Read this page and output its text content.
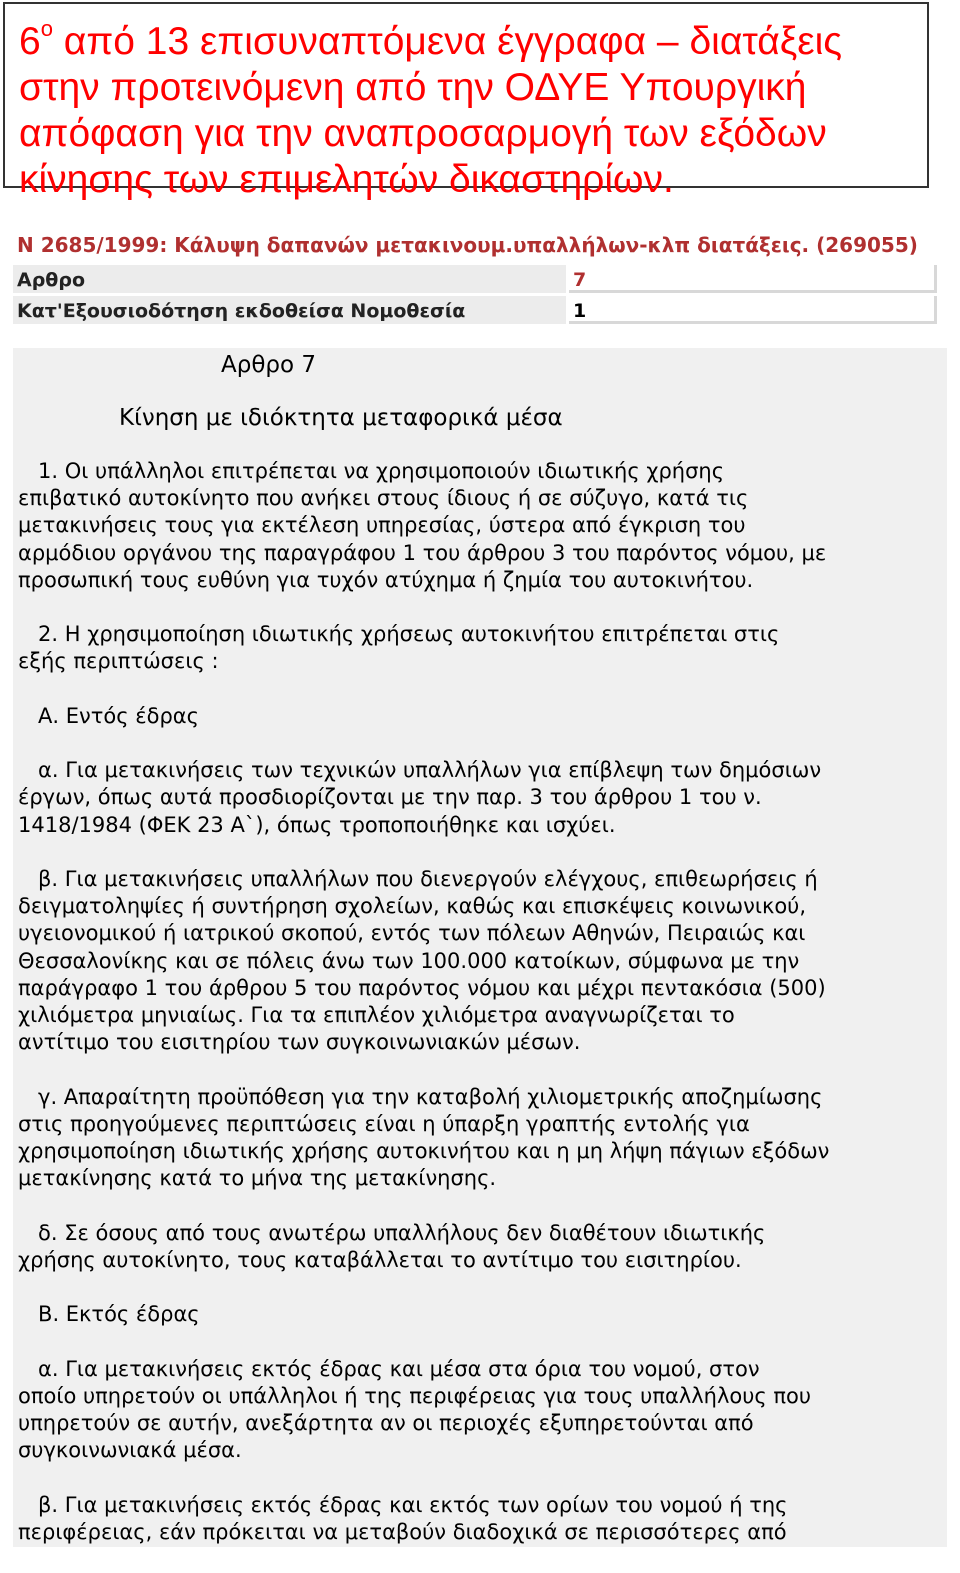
$6^o$ από 13 επισυναπτόμενα έγγραφα – διατάξεις στην προτεινόμενη από την ΟΔΥΕ Υπουργική απόφαση για την αναπροσαρμογή των εξόδων κίνησης των επιμελητών δικαστηρίων.

Ν 2685/1999: Κάλυψη δαπανών μετακινουμ.υπαλλήλων-κλπ διατάξεις. (269055)

Αρθρο	7
Κατ'Εξουσιοδότηση εκδοθείσα Νομοθεσία	1
Αρθρο 7
Κίνηση με ιδιόκτητα μεταφορικά μέσα

1. Οι υπάλληλοι επιτρέπεται να χρησιμοποιούν ιδιωτικής χρήσης
επιβατικό αυτοκίνητο που ανήκει στους ίδιους ή σε σύζυγο, κατά τις
μετακινήσεις τους για εκτέλεση υπηρεσίας, ύστερα από έγκριση του
αρμόδιου οργάνου της παραγράφου 1 του άρθρου 3 του παρόντος νόμου, με
προσωπική τους ευθύνη για τυχόν ατύχημα ή ζημία του αυτοκινήτου.

2. Η χρησιμοποίηση ιδιωτικής χρήσεως αυτοκινήτου επιτρέπεται στις
εξής περιπτώσεις :

Α. Εντός έδρας

α. Για μετακινήσεις των τεχνικών υπαλλήλων για επίβλεψη των δημόσιων
έργων, όπως αυτά προσδιορίζονται με την παρ. 3 του άρθρου 1 του ν.
1418/1984 (ΦΕΚ 23 Α`), όπως τροποποιήθηκε και ισχύει.

β. Για μετακινήσεις υπαλλήλων που διενεργούν ελέγχους, επιθεωρήσεις ή
δειγματοληψίες ή συντήρηση σχολείων, καθώς και επισκέψεις κοινωνικού,
υγειονομικού ή ιατρικού σκοπού, εντός των πόλεων Αθηνών, Πειραιώς και
Θεσσαλονίκης και σε πόλεις άνω των 100.000 κατοίκων, σύμφωνα με την
παράγραφο 1 του άρθρου 5 του παρόντος νόμου και μέχρι πεντακόσια (500)
χιλιόμετρα μηνιαίως. Για τα επιπλέον χιλιόμετρα αναγνωρίζεται το
αντίτιμο του εισιτηρίου των συγκοινωνιακών μέσων.

γ. Απαραίτητη προϋπόθεση για την καταβολή χιλιομετρικής αποζημίωσης
στις προηγούμενες περιπτώσεις είναι η ύπαρξη γραπτής εντολής για
χρησιμοποίηση ιδιωτικής χρήσης αυτοκινήτου και η μη λήψη πάγιων εξόδων
μετακίνησης κατά το μήνα της μετακίνησης.

δ. Σε όσους από τους ανωτέρω υπαλλήλους δεν διαθέτουν ιδιωτικής
χρήσης αυτοκίνητο, τους καταβάλλεται το αντίτιμο του εισιτηρίου.

Β. Εκτός έδρας

α. Για μετακινήσεις εκτός έδρας και μέσα στα όρια του νομού, στον
οποίο υπηρετούν οι υπάλληλοι ή της περιφέρειας για τους υπαλλήλους που
υπηρετούν σε αυτήν, ανεξάρτητα αν οι περιοχές εξυπηρετούνται από
συγκοινωνιακά μέσα.

β. Για μετακινήσεις εκτός έδρας και εκτός των ορίων του νομού ή της
περιφέρειας, εάν πρόκειται να μεταβούν διαδοχικά σε περισσότερες από
